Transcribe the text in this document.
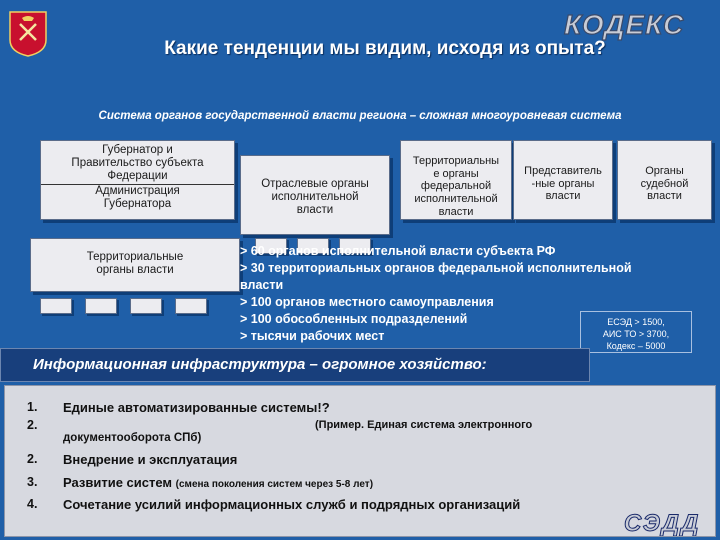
Какие тенденции мы видим, исходя из опыта?
КОДЕКС
Система органов государственной власти региона – сложная многоуровневая система
Губернатор и
Правительство субъекта
Федерации
Администрация
Губернатора
Территориальные
органы власти
Отраслевые органы
исполнительной
власти
Территориальны
е органы
федеральной
исполнительной
власти
Представитель
-ные органы
власти
Органы
судебной
власти
> 60 органов исполнительной власти субъекта РФ
> 30 территориальных органов федеральной исполнительной
власти
> 100 органов местного самоуправления
> 100 обособленных подразделений
> тысячи рабочих мест
ЕСЭД > 1500,
АИС ТО > 3700,
Кодекс – 5000
Информационная инфраструктура – огромное хозяйство:
1. Единые автоматизированные системы!?
2.	(Пример. Единая система электронного
документооборота СПб)
2. Внедрение и эксплуатация
3. Развитие систем (смена поколения систем через 5-8 лет)
4. Сочетание усилий информационных служб и подрядных организаций
СЭДД
